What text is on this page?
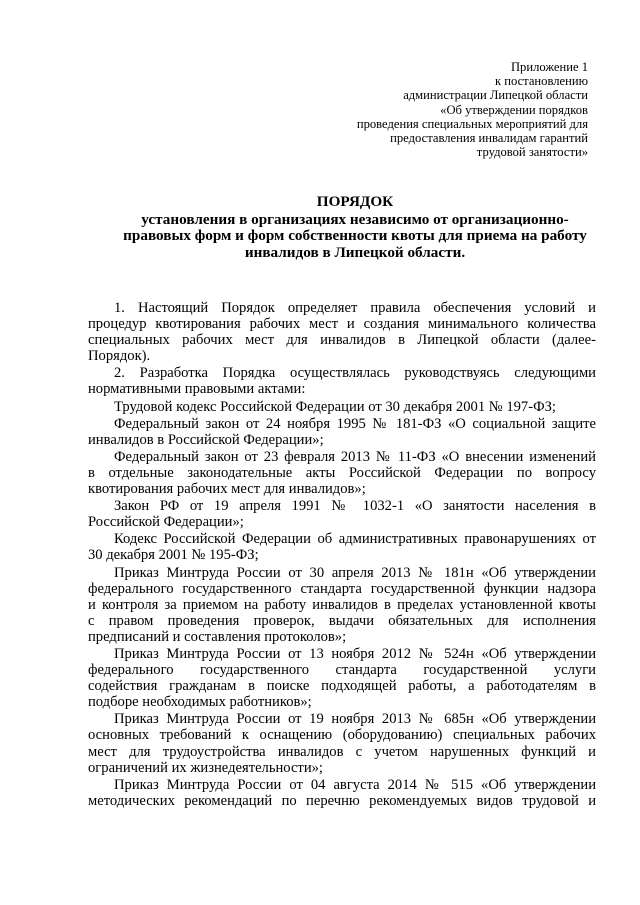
Приложение 1
к постановлению
администрации Липецкой области
«Об утверждении порядков
проведения специальных мероприятий для
предоставления инвалидам гарантий
трудовой занятости»
ПОРЯДОК
установления в организациях независимо от организационно-
правовых форм и форм собственности квоты для приема на работу
инвалидов в Липецкой области.
1. Настоящий Порядок определяет правила обеспечения условий и
процедур квотирования рабочих мест и создания минимального количества
специальных рабочих мест для инвалидов в Липецкой области (далее-
Порядок).
2. Разработка Порядка осуществлялась руководствуясь следующими
нормативными правовыми актами:
Трудовой кодекс Российской Федерации от 30 декабря 2001 № 197-ФЗ;
Федеральный закон от 24 ноября 1995 № 181-ФЗ «О социальной защите
инвалидов в Российской Федерации»;
Федеральный закон от 23 февраля 2013 № 11-ФЗ «О внесении изменений
в отдельные законодательные акты Российской Федерации по вопросу
квотирования рабочих мест для инвалидов»;
Закон РФ от 19 апреля 1991 № 1032-1 «О занятости населения в
Российской Федерации»;
Кодекс Российской Федерации об административных правонарушениях от
30 декабря 2001 № 195-ФЗ;
Приказ Минтруда России от 30 апреля 2013 № 181н «Об утверждении
федерального государственного стандарта государственной функции надзора
и контроля за приемом на работу инвалидов в пределах установленной квоты
с правом проведения проверок, выдачи обязательных для исполнения
предписаний и составления протоколов»;
Приказ Минтруда России от 13 ноября 2012 № 524н «Об утверждении
федерального государственного стандарта государственной услуги
содействия гражданам в поиске подходящей работы, а работодателям в
подборе необходимых работников»;
Приказ Минтруда России от 19 ноября 2013 № 685н «Об утверждении
основных требований к оснащению (оборудованию) специальных рабочих
мест для трудоустройства инвалидов с учетом нарушенных функций и
ограничений их жизнедеятельности»;
Приказ Минтруда России от 04 августа 2014 № 515 «Об утверждении
методических рекомендаций по перечню рекомендуемых видов трудовой и
